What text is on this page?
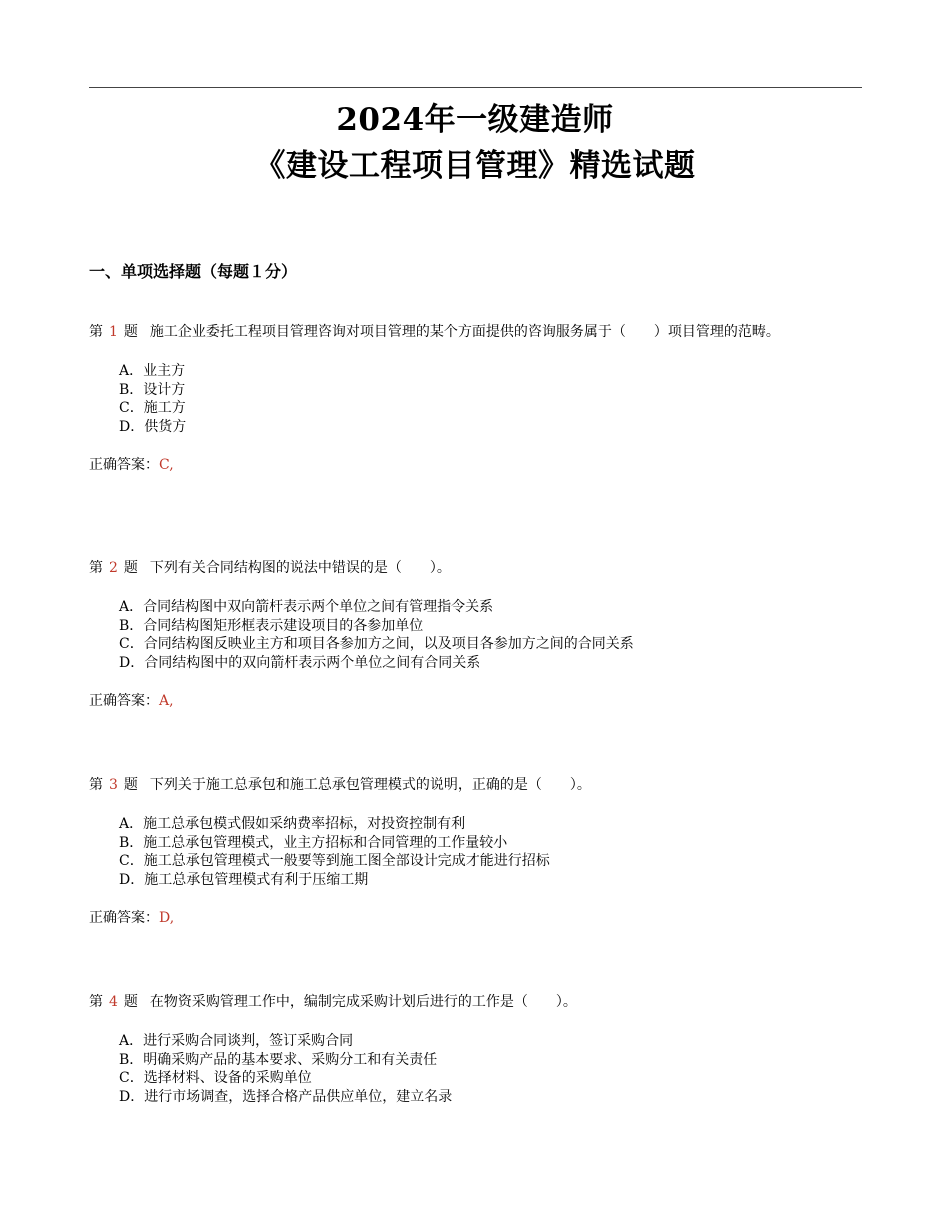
2024年一级建造师
《建设工程项目管理》精选试题
一、单项选择题（每题１分）

第 1 题 施工企业委托工程项目管理咨询对项目管理的某个方面提供的咨询服务属于（　　）项目管理的范畴。

A．业主方
B．设计方
C．施工方
D．供货方
正确答案：C,

第 2 题 下列有关合同结构图的说法中错误的是（　　）。

A．合同结构图中双向箭杆表示两个单位之间有管理指令关系
B．合同结构图矩形框表示建设项目的各参加单位
C．合同结构图反映业主方和项目各参加方之间，以及项目各参加方之间的合同关系
D．合同结构图中的双向箭杆表示两个单位之间有合同关系
正确答案：A,

第 3 题 下列关于施工总承包和施工总承包管理模式的说明，正确的是（　　）。

A．施工总承包模式假如采纳费率招标，对投资控制有利
B．施工总承包管理模式，业主方招标和合同管理的工作量较小
C．施工总承包管理模式一般要等到施工图全部设计完成才能进行招标
D．施工总承包管理模式有利于压缩工期
正确答案：D,

第 4 题 在物资采购管理工作中，编制完成采购计划后进行的工作是（　　）。

A．进行采购合同谈判，签订采购合同
B．明确采购产品的基本要求、采购分工和有关责任
C．选择材料、设备的采购单位
D．进行市场调查，选择合格产品供应单位，建立名录
